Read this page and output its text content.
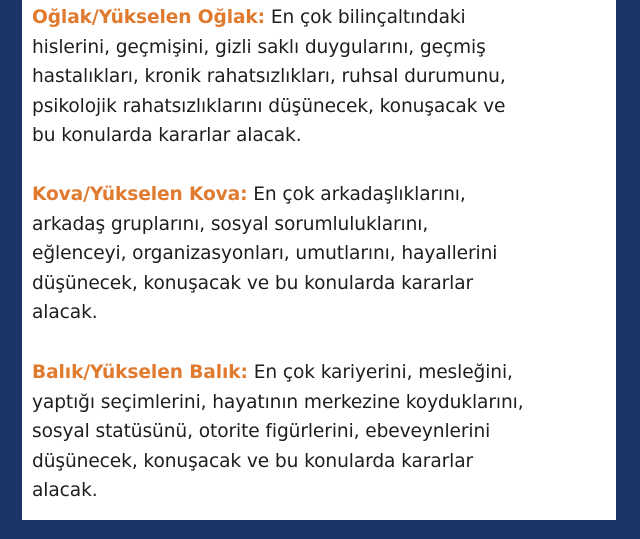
Oğlak/Yükselen Oğlak: En çok bilinçaltındaki
hislerini, geçmişini, gizli saklı duygularını, geçmiş
hastalıkları, kronik rahatsızlıkları, ruhsal durumunu,
psikolojik rahatsızlıklarını düşünecek, konuşacak ve
bu konularda kararlar alacak.
Kova/Yükselen Kova: En çok arkadaşlıklarını,
arkadaş gruplarını, sosyal sorumluluklarını,
eğlenceyi, organizasyonları, umutlarını, hayallerini
düşünecek, konuşacak ve bu konularda kararlar
alacak.
Balık/Yükselen Balık: En çok kariyerini, mesleğini,
yaptığı seçimlerini, hayatının merkezine koyduklarını,
sosyal statüsünü, otorite figürlerini, ebeveynlerini
düşünecek, konuşacak ve bu konularda kararlar
alacak.
